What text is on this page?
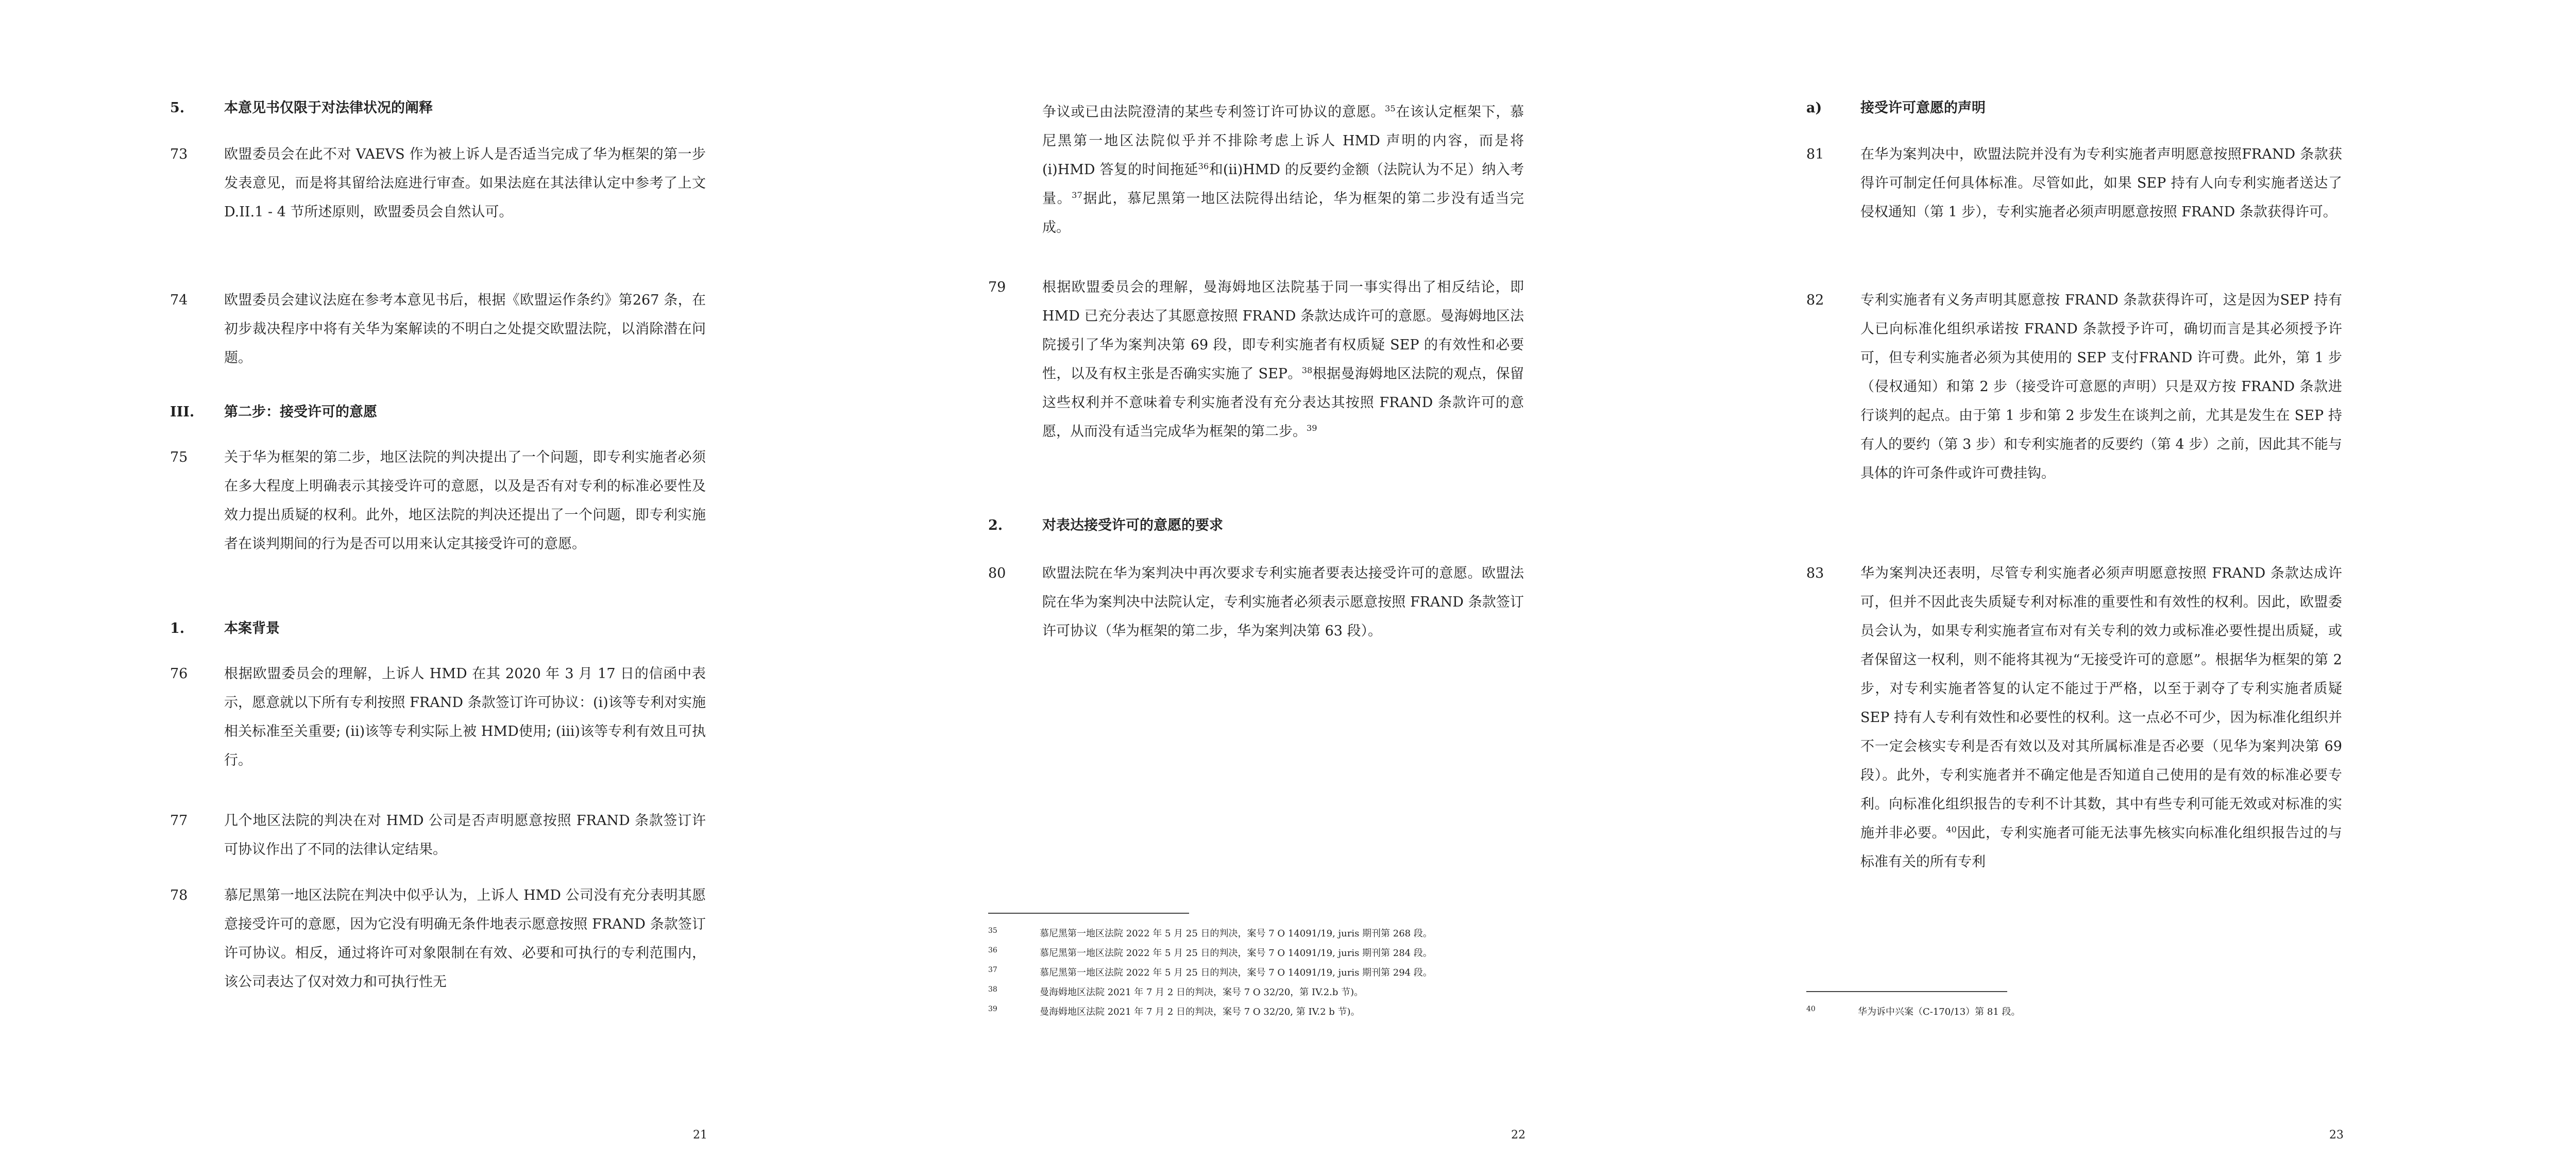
5.	本意见书仅限于对法律状况的阐释
73	欧盟委员会在此不对 VAEVS 作为被上诉人是否适当完成了华为框架的第一步发表意见，而是将其留给法庭进行审查。如果法庭在其法律认定中参考了上文 D.II.1 - 4 节所述原则，欧盟委员会自然认可。
74	欧盟委员会建议法庭在参考本意见书后，根据《欧盟运作条约》第267 条，在初步裁决程序中将有关华为案解读的不明白之处提交欧盟法院，以消除潜在问题。
III. 第二步：接受许可的意愿
75	关于华为框架的第二步，地区法院的判决提出了一个问题，即专利实施者必须在多大程度上明确表示其接受许可的意愿，以及是否有对专利的标准必要性及效力提出质疑的权利。此外，地区法院的判决还提出了一个问题，即专利实施者在谈判期间的行为是否可以用来认定其接受许可的意愿。
1.	本案背景
76	根据欧盟委员会的理解，上诉人 HMD 在其 2020 年 3 月 17 日的信函中表示，愿意就以下所有专利按照 FRAND 条款签订许可协议：(i)该等专利对实施相关标准至关重要; (ii)该等专利实际上被 HMD使用; (iii)该等专利有效且可执行。
77	几个地区法院的判决在对 HMD 公司是否声明愿意按照 FRAND 条款签订许可协议作出了不同的法律认定结果。
78	慕尼黑第一地区法院在判决中似乎认为，上诉人 HMD 公司没有充分表明其愿意接受许可的意愿，因为它没有明确无条件地表示愿意按照 FRAND 条款签订许可协议。相反，通过将许可对象限制在有效、必要和可执行的专利范围内，该公司表达了仅对效力和可执行性无
21
争议或已由法院澄清的某些专利签订许可协议的意愿。$^{35}$在该认定框架下，慕尼黑第一地区法院似乎并不排除考虑上诉人 HMD 声明的内容，而是将(i)HMD 答复的时间拖延$^{36}$和(ii)HMD 的反要约金额（法院认为不足）纳入考量。$^{37}$据此，慕尼黑第一地区法院得出结论，华为框架的第二步没有适当完成。
79	根据欧盟委员会的理解，曼海姆地区法院基于同一事实得出了相反结论，即 HMD 已充分表达了其愿意按照 FRAND 条款达成许可的意愿。曼海姆地区法院援引了华为案判决第 69 段，即专利实施者有权质疑 SEP 的有效性和必要性，以及有权主张是否确实实施了 SEP。$^{38}$根据曼海姆地区法院的观点，保留这些权利并不意味着专利实施者没有充分表达其按照 FRAND 条款许可的意愿，从而没有适当完成华为框架的第二步。$^{39}$
2.	对表达接受许可的意愿的要求
80	欧盟法院在华为案判决中再次要求专利实施者要表达接受许可的意愿。欧盟法院在华为案判决中法院认定，专利实施者必须表示愿意按照 FRAND 条款签订许可协议（华为框架的第二步，华为案判决第 63 段）。
35	慕尼黑第一地区法院 2022 年 5 月 25 日的判决，案号 7 O 14091/19, juris 期刊第 268 段。
36	慕尼黑第一地区法院 2022 年 5 月 25 日的判决，案号 7 O 14091/19, juris 期刊第 284 段。
37	慕尼黑第一地区法院 2022 年 5 月 25 日的判决，案号 7 O 14091/19, juris 期刊第 294 段。
38	曼海姆地区法院 2021 年 7 月 2 日的判决，案号 7 O 32/20，第 IV.2.b 节)。
39	曼海姆地区法院 2021 年 7 月 2 日的判决，案号 7 O 32/20, 第 IV.2 b 节)。
22
a)	接受许可意愿的声明
81	在华为案判决中，欧盟法院并没有为专利实施者声明愿意按照FRAND 条款获得许可制定任何具体标准。尽管如此，如果 SEP 持有人向专利实施者送达了侵权通知（第 1 步），专利实施者必须声明愿意按照 FRAND 条款获得许可。
82	专利实施者有义务声明其愿意按 FRAND 条款获得许可，这是因为SEP 持有人已向标准化组织承诺按 FRAND 条款授予许可，确切而言是其必须授予许可，但专利实施者必须为其使用的 SEP 支付FRAND 许可费。此外，第 1 步（侵权通知）和第 2 步（接受许可意愿的声明）只是双方按 FRAND 条款进行谈判的起点。由于第 1 步和第 2 步发生在谈判之前，尤其是发生在 SEP 持有人的要约（第 3 步）和专利实施者的反要约（第 4 步）之前，因此其不能与具体的许可条件或许可费挂钩。
83	华为案判决还表明，尽管专利实施者必须声明愿意按照 FRAND 条款达成许可，但并不因此丧失质疑专利对标准的重要性和有效性的权利。因此，欧盟委员会认为，如果专利实施者宣布对有关专利的效力或标准必要性提出质疑，或者保留这一权利，则不能将其视为“无接受许可的意愿”。根据华为框架的第 2 步，对专利实施者答复的认定不能过于严格，以至于剥夺了专利实施者质疑 SEP 持有人专利有效性和必要性的权利。这一点必不可少，因为标准化组织并不一定会核实专利是否有效以及对其所属标准是否必要（见华为案判决第 69 段）。此外，专利实施者并不确定他是否知道自己使用的是有效的标准必要专利。向标准化组织报告的专利不计其数，其中有些专利可能无效或对标准的实施并非必要。$^{40}$因此，专利实施者可能无法事先核实向标准化组织报告过的与标准有关的所有专利
40	华为诉中兴案（C-170/13）第 81 段。
23
